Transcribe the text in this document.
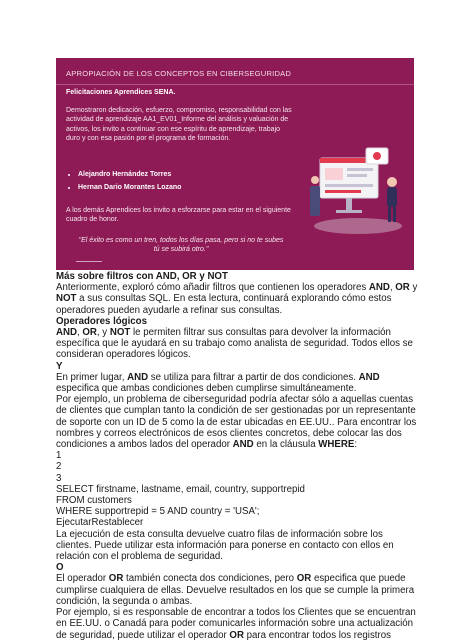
APROPIACIÓN DE LOS CONCEPTOS EN CIBERSEGURIDAD
Felicitaciones Aprendices SENA.
Demostraron dedicación, esfuerzo, compromiso, responsabilidad con las actividad de aprendizaje AA1_EV01_Informe del análisis y valuación de activos, los invito a continuar con ese espíritu de aprendizaje, trabajo duro y con esa pasión por el programa de formación.
• Alejandro Hernández Torres
• Hernan Dario Morantes Lozano
A los demás Aprendices los invito a esforzarse para estar en el siguiente cuadro de honor.
"El éxito es como un tren, todos los días pasa, pero si no te subes tú se subirá otro."

Más sobre filtros con AND, OR y NOT

Anteriormente, exploró cómo añadir filtros que contienen los operadores AND, OR y NOT a sus consultas SQL. En esta lectura, continuará explorando cómo estos operadores pueden ayudarle a refinar sus consultas.

Operadores lógicos

AND, OR, y NOT le permiten filtrar sus consultas para devolver la información específica que le ayudará en su trabajo como analista de seguridad. Todos ellos se consideran operadores lógicos.

Y

En primer lugar, AND se utiliza para filtrar a partir de dos condiciones. AND especifica que ambas condiciones deben cumplirse simultáneamente.

Por ejemplo, un problema de ciberseguridad podría afectar sólo a aquellas cuentas de clientes que cumplan tanto la condición de ser gestionadas por un representante de soporte con un ID de 5 como la de estar ubicadas en EE.UU.. Para encontrar los nombres y correos electrónicos de esos clientes concretos, debe colocar las dos condiciones a ambos lados del operador AND en la cláusula WHERE:

1

2

3

SELECT firstname, lastname, email, country, supportrepid

FROM customers

WHERE supportrepid = 5 AND country = 'USA';

EjecutarRestablecer

La ejecución de esta consulta devuelve cuatro filas de información sobre los clientes. Puede utilizar esta información para ponerse en contacto con ellos en relación con el problema de seguridad.

O

El operador OR también conecta dos condiciones, pero OR especifica que puede cumplirse cualquiera de ellas. Devuelve resultados en los que se cumple la primera condición, la segunda o ambas.

Por ejemplo, si es responsable de encontrar a todos los Clientes que se encuentran en EE.UU. o Canadá para poder comunicarles información sobre una actualización de seguridad, puede utilizar el operador OR para encontrar todos los registros
